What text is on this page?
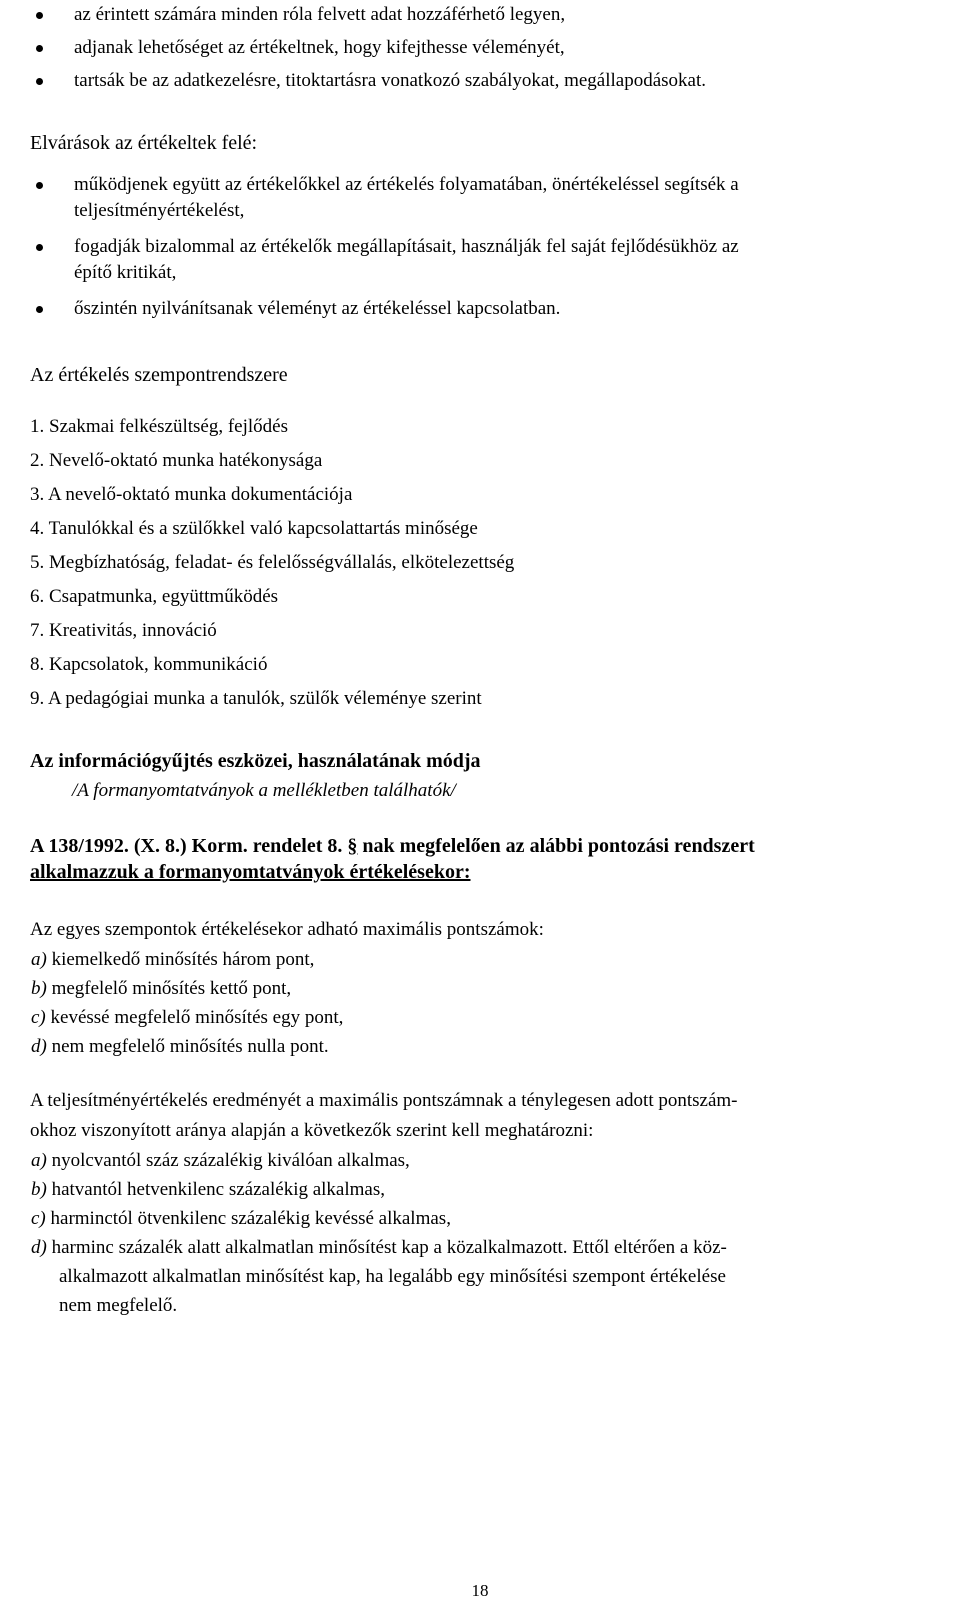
az érintett számára minden róla felvett adat hozzáférhető legyen,
adjanak lehetőséget az értékeltnek, hogy kifejthesse véleményét,
tartsák be az adatkezelésre, titoktartásra vonatkozó szabályokat, megállapodásokat.
Elvárások az értékeltek felé:
működjenek együtt az értékelőkkel az értékelés folyamatában, önértékeléssel segítsék a
teljesítményértékelést,
fogadják bizalommal az értékelők megállapításait, használják fel saját fejlődésükhöz az
építő kritikát,
őszintén nyilvánítsanak véleményt az értékeléssel kapcsolatban.
Az értékelés szempontrendszere
1. Szakmai felkészültség, fejlődés
2. Nevelő-oktató munka hatékonysága
3. A nevelő-oktató munka dokumentációja
4. Tanulókkal és a szülőkkel való kapcsolattartás minősége
5. Megbízhatóság, feladat- és felelősségvállalás, elkötelezettség
6. Csapatmunka, együttműködés
7. Kreativitás, innováció
8. Kapcsolatok, kommunikáció
9. A pedagógiai munka a tanulók, szülők véleménye szerint
Az információgyűjtés eszközei, használatának módja
/A formanyomtatványok a mellékletben találhatók/
A 138/1992. (X. 8.) Korm. rendelet 8. § nak megfelelően az alábbi pontozási rendszert
alkalmazzuk a formanyomtatványok értékelésekor:
Az egyes szempontok értékelésekor adható maximális pontszámok:
a) kiemelkedő minősítés három pont,
b) megfelelő minősítés kettő pont,
c) kevéssé megfelelő minősítés egy pont,
d) nem megfelelő minősítés nulla pont.
A teljesítményértékelés eredményét a maximális pontszámnak a ténylegesen adott pontszám-
okhoz viszonyított aránya alapján a következők szerint kell meghatározni:
a) nyolcvantól száz százalékig kiválóan alkalmas,
b) hatvantól hetvenkilenc százalékig alkalmas,
c) harminctól ötvenkilenc százalékig kevéssé alkalmas,
d) harminc százalék alatt alkalmatlan minősítést kap a közalkalmazott. Ettől eltérően a köz-
alkalmazott alkalmatlan minősítést kap, ha legalább egy minősítési szempont értékelése
nem megfelelő.
18
